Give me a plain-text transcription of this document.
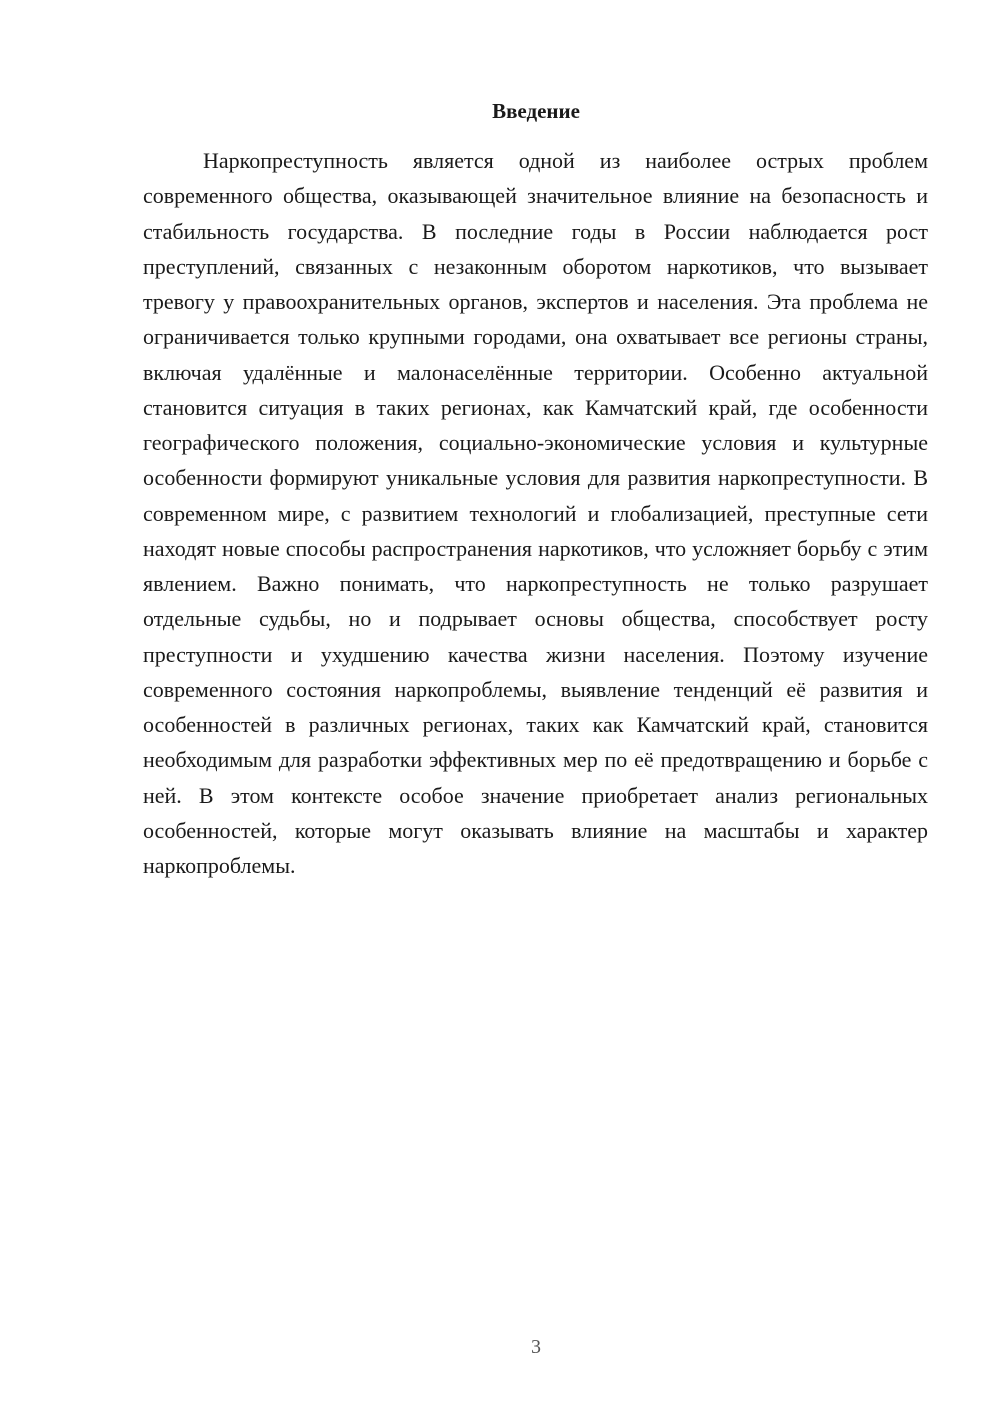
Введение

Наркопреступность является одной из наиболее острых проблем современного общества, оказывающей значительное влияние на безопасность и стабильность государства. В последние годы в России наблюдается рост преступлений, связанных с незаконным оборотом наркотиков, что вызывает тревогу у правоохранительных органов, экспертов и населения. Эта проблема не ограничивается только крупными городами, она охватывает все регионы страны, включая удалённые и малонаселённые территории. Особенно актуальной становится ситуация в таких регионах, как Камчатский край, где особенности географического положения, социально-экономические условия и культурные особенности формируют уникальные условия для развития наркопреступности. В современном мире, с развитием технологий и глобализацией, преступные сети находят новые способы распространения наркотиков, что усложняет борьбу с этим явлением. Важно понимать, что наркопреступность не только разрушает отдельные судьбы, но и подрывает основы общества, способствует росту преступности и ухудшению качества жизни населения. Поэтому изучение современного состояния наркопроблемы, выявление тенденций её развития и особенностей в различных регионах, таких как Камчатский край, становится необходимым для разработки эффективных мер по её предотвращению и борьбе с ней. В этом контексте особое значение приобретает анализ региональных особенностей, которые могут оказывать влияние на масштабы и характер наркопроблемы.

3
